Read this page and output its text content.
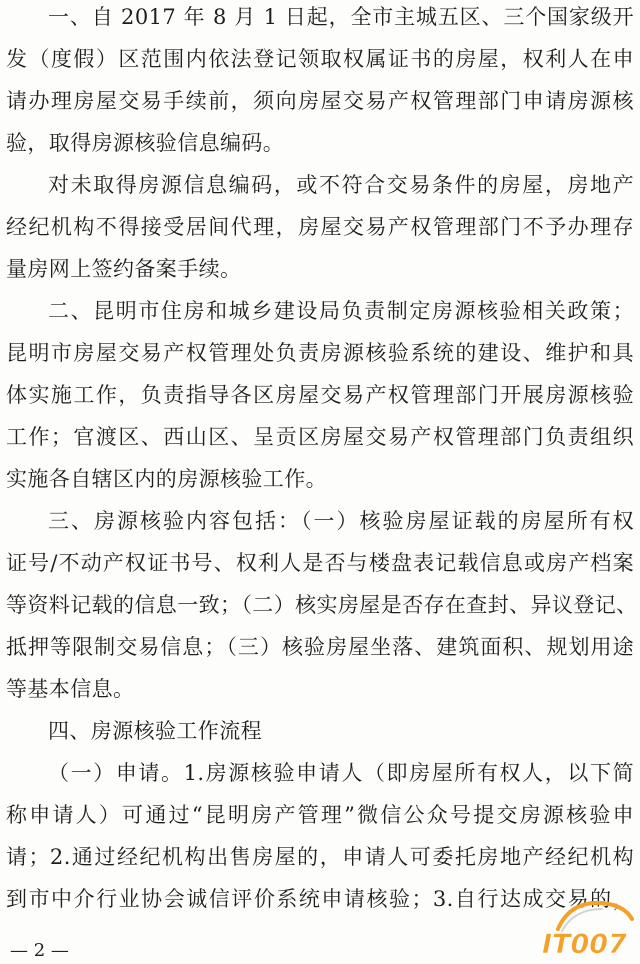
一、自 2017 年 8 月 1 日起，全市主城五区、三个国家级开
发（度假）区范围内依法登记领取权属证书的房屋，权利人在申
请办理房屋交易手续前，须向房屋交易产权管理部门申请房源核
验，取得房源核验信息编码。
对未取得房源信息编码，或不符合交易条件的房屋，房地产
经纪机构不得接受居间代理，房屋交易产权管理部门不予办理存
量房网上签约备案手续。
二、昆明市住房和城乡建设局负责制定房源核验相关政策；
昆明市房屋交易产权管理处负责房源核验系统的建设、维护和具
体实施工作，负责指导各区房屋交易产权管理部门开展房源核验
工作；官渡区、西山区、呈贡区房屋交易产权管理部门负责组织
实施各自辖区内的房源核验工作。
三、房源核验内容包括：（一）核验房屋证载的房屋所有权
证号/不动产权证书号、权利人是否与楼盘表记载信息或房产档案
等资料记载的信息一致；（二）核实房屋是否存在查封、异议登记、
抵押等限制交易信息；（三）核验房屋坐落、建筑面积、规划用途
等基本信息。
四、房源核验工作流程
（一）申请。1.房源核验申请人（即房屋所有权人，以下简
称申请人）可通过“昆明房产管理”微信公众号提交房源核验申
请；2.通过经纪机构出售房屋的，申请人可委托房地产经纪机构
到市中介行业协会诚信评价系统申请核验；3.自行达成交易的，
— 2 —	IT007
